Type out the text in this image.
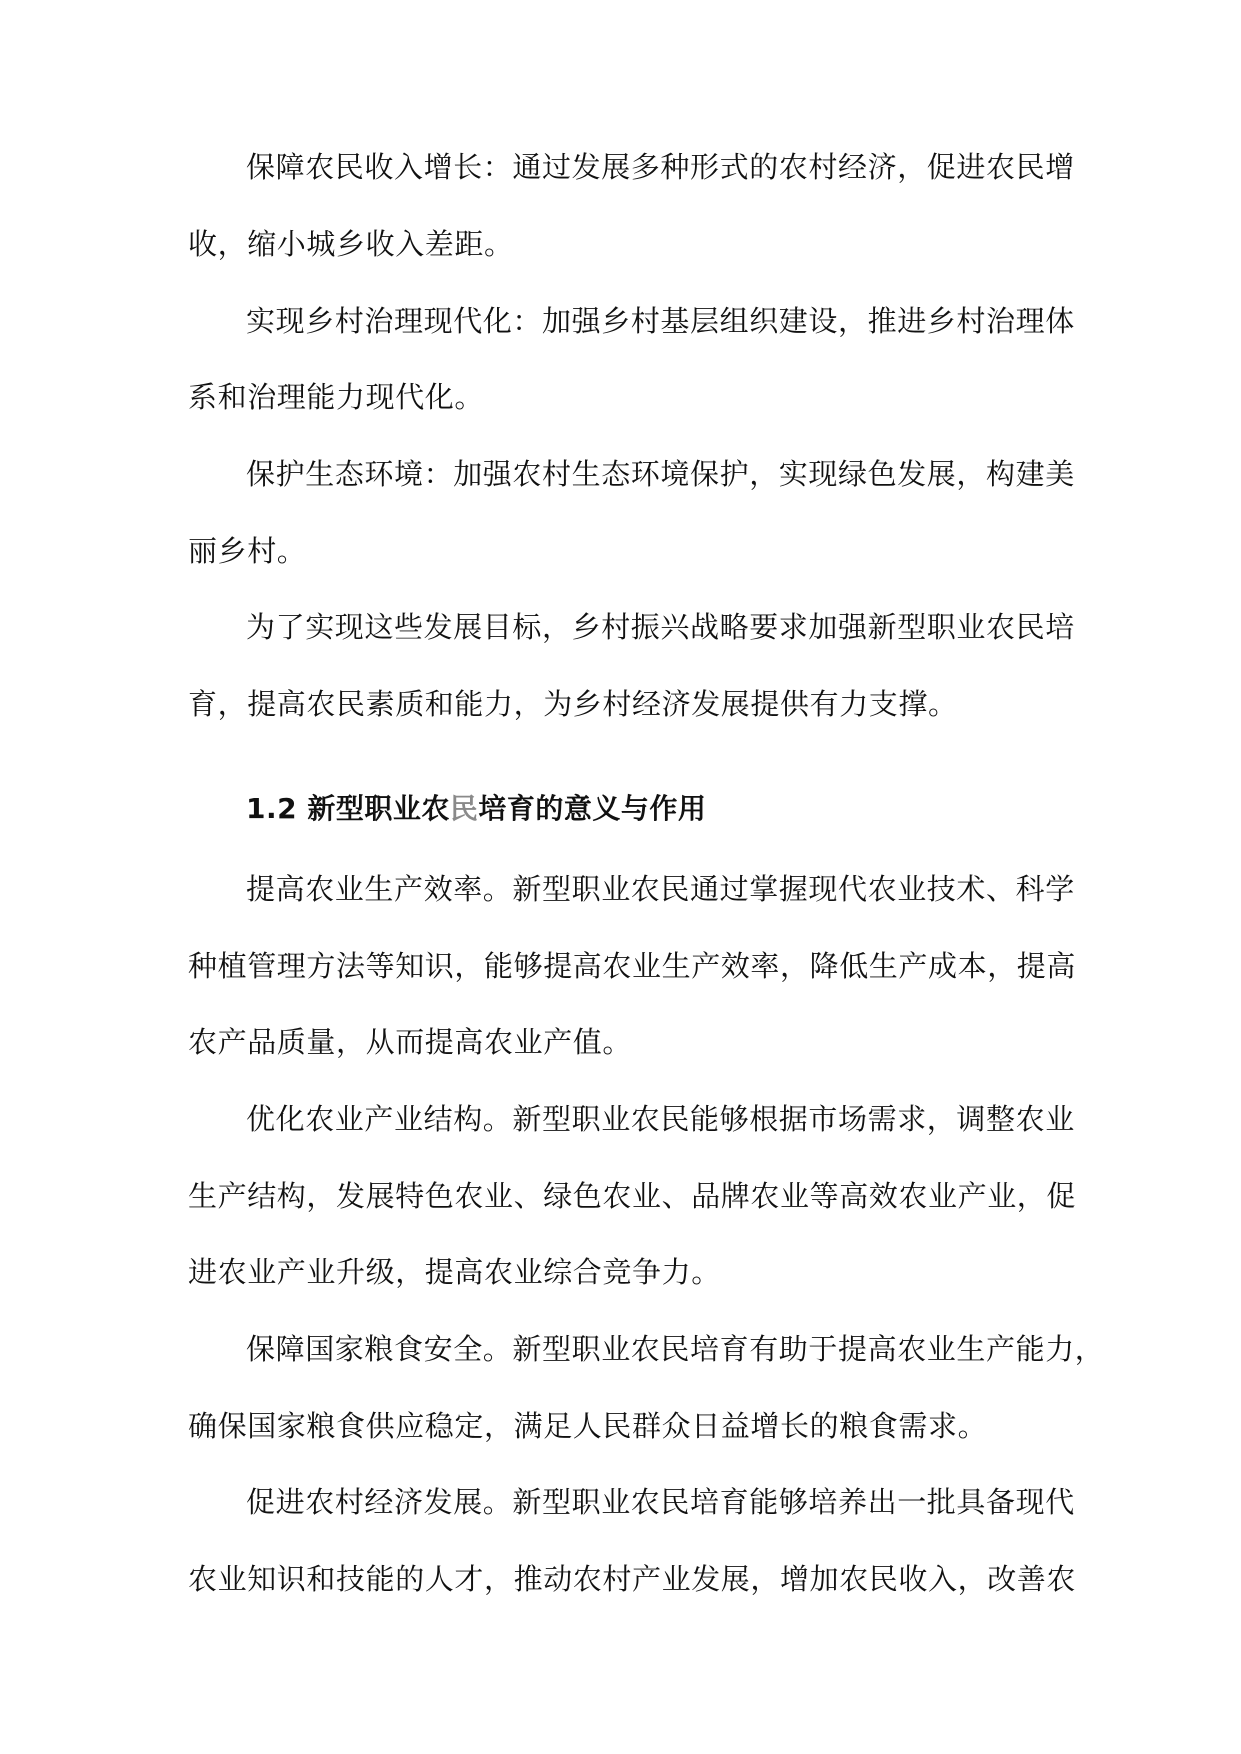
保障农民收入增长：通过发展多种形式的农村经济，促进农民增
收，缩小城乡收入差距。
实现乡村治理现代化：加强乡村基层组织建设，推进乡村治理体
系和治理能力现代化。
保护生态环境：加强农村生态环境保护，实现绿色发展，构建美
丽乡村。
为了实现这些发展目标，乡村振兴战略要求加强新型职业农民培
育，提高农民素质和能力，为乡村经济发展提供有力支撑。
1.2 新型职业农民培育的意义与作用
提高农业生产效率。新型职业农民通过掌握现代农业技术、科学
种植管理方法等知识，能够提高农业生产效率，降低生产成本，提高
农产品质量，从而提高农业产值。
优化农业产业结构。新型职业农民能够根据市场需求，调整农业
生产结构，发展特色农业、绿色农业、品牌农业等高效农业产业，促
进农业产业升级，提高农业综合竞争力。
保障国家粮食安全。新型职业农民培育有助于提高农业生产能力，
确保国家粮食供应稳定，满足人民群众日益增长的粮食需求。
促进农村经济发展。新型职业农民培育能够培养出一批具备现代
农业知识和技能的人才，推动农村产业发展，增加农民收入，改善农
